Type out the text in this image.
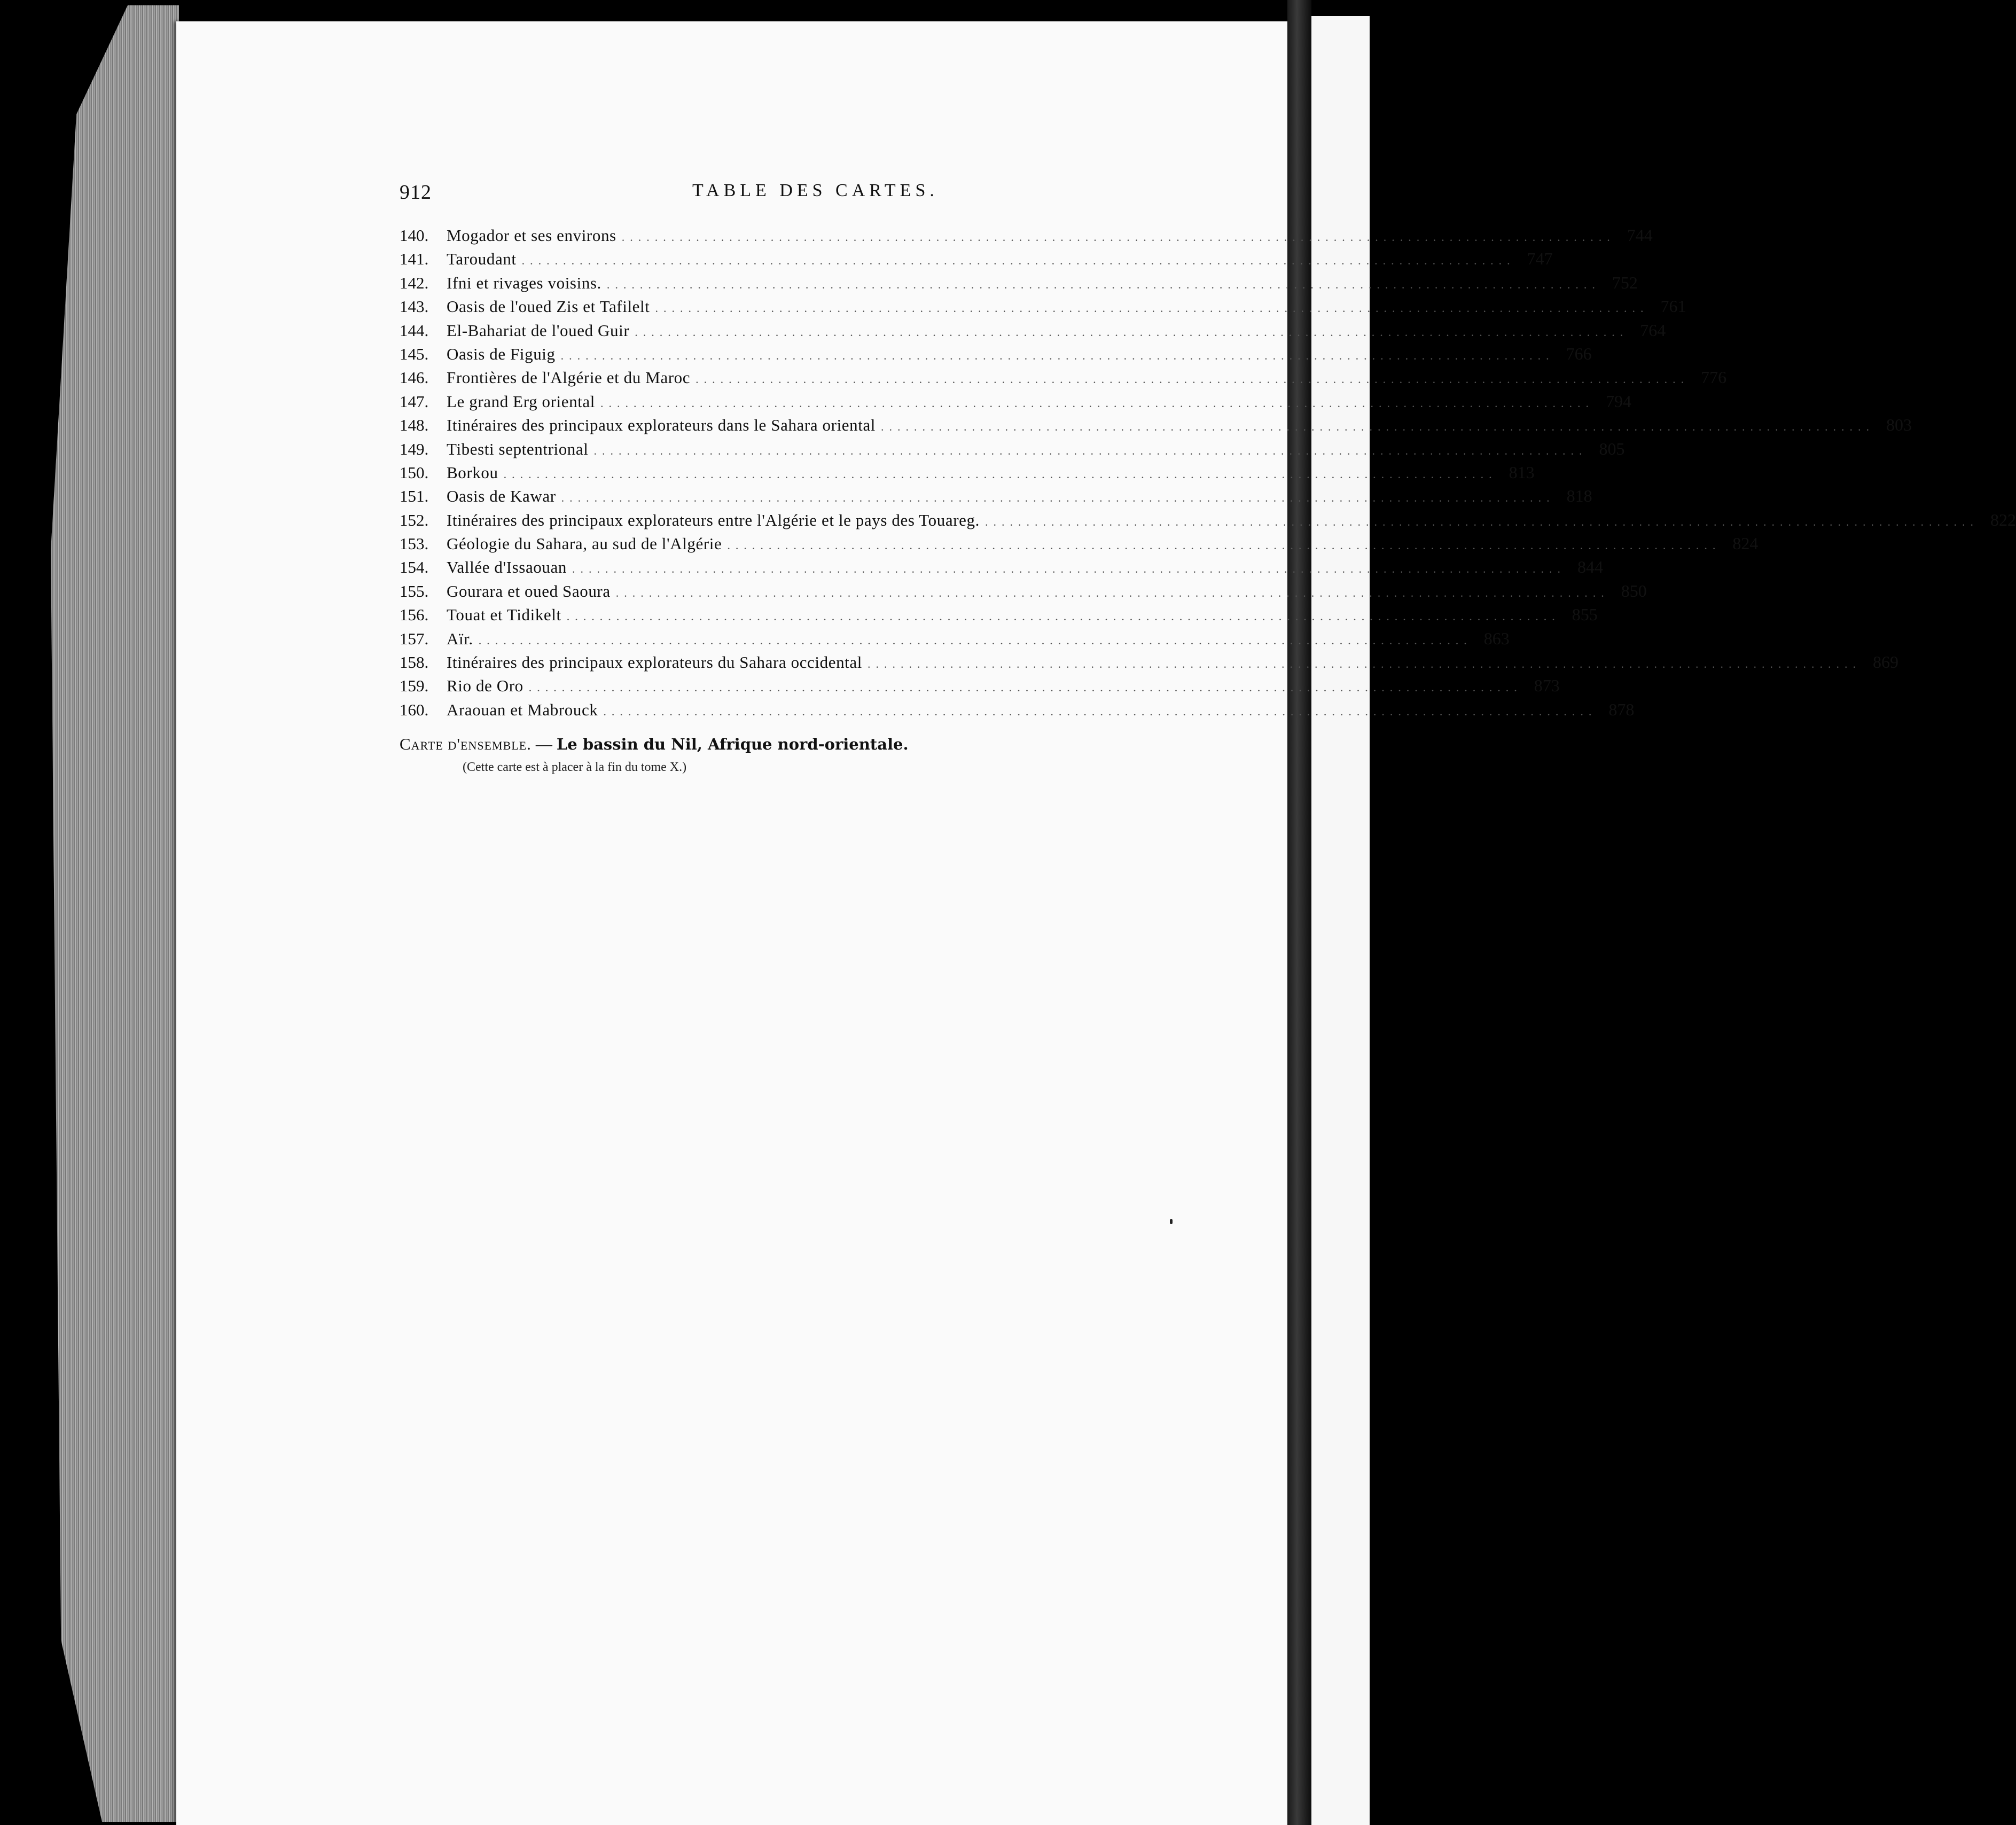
912	TABLE DES CARTES.
140.	Mogador et ses environs ........................................................................................................................ 744
141.	Taroudant ........................................................................................................................ 747
142.	Ifni et rivages voisins. ........................................................................................................................ 752
143.	Oasis de l'oued Zis et Tafilelt ........................................................................................................................ 761
144.	El-Bahariat de l'oued Guir ........................................................................................................................ 764
145.	Oasis de Figuig ........................................................................................................................ 766
146.	Frontières de l'Algérie et du Maroc ........................................................................................................................ 776
147.	Le grand Erg oriental ........................................................................................................................ 794
148.	Itinéraires des principaux explorateurs dans le Sahara oriental ........................................................................................................................ 803
149.	Tibesti septentrional ........................................................................................................................ 805
150.	Borkou ........................................................................................................................ 813
151.	Oasis de Kawar ........................................................................................................................ 818
152.	Itinéraires des principaux explorateurs entre l'Algérie et le pays des Touareg. ........................................................................................................................ 822
153.	Géologie du Sahara, au sud de l'Algérie ........................................................................................................................ 824
154.	Vallée d'Issaouan ........................................................................................................................ 844
155.	Gourara et oued Saoura ........................................................................................................................ 850
156.	Touat et Tidikelt ........................................................................................................................ 855
157.	Aïr. ........................................................................................................................ 863
158.	Itinéraires des principaux explorateurs du Sahara occidental ........................................................................................................................ 869
159.	Rio de Oro ........................................................................................................................ 873
160.	Araouan et Mabrouck ........................................................................................................................ 878
Carte d'ensemble. — Le bassin du Nil, Afrique nord-orientale.
(Cette carte est à placer à la fin du tome X.)
